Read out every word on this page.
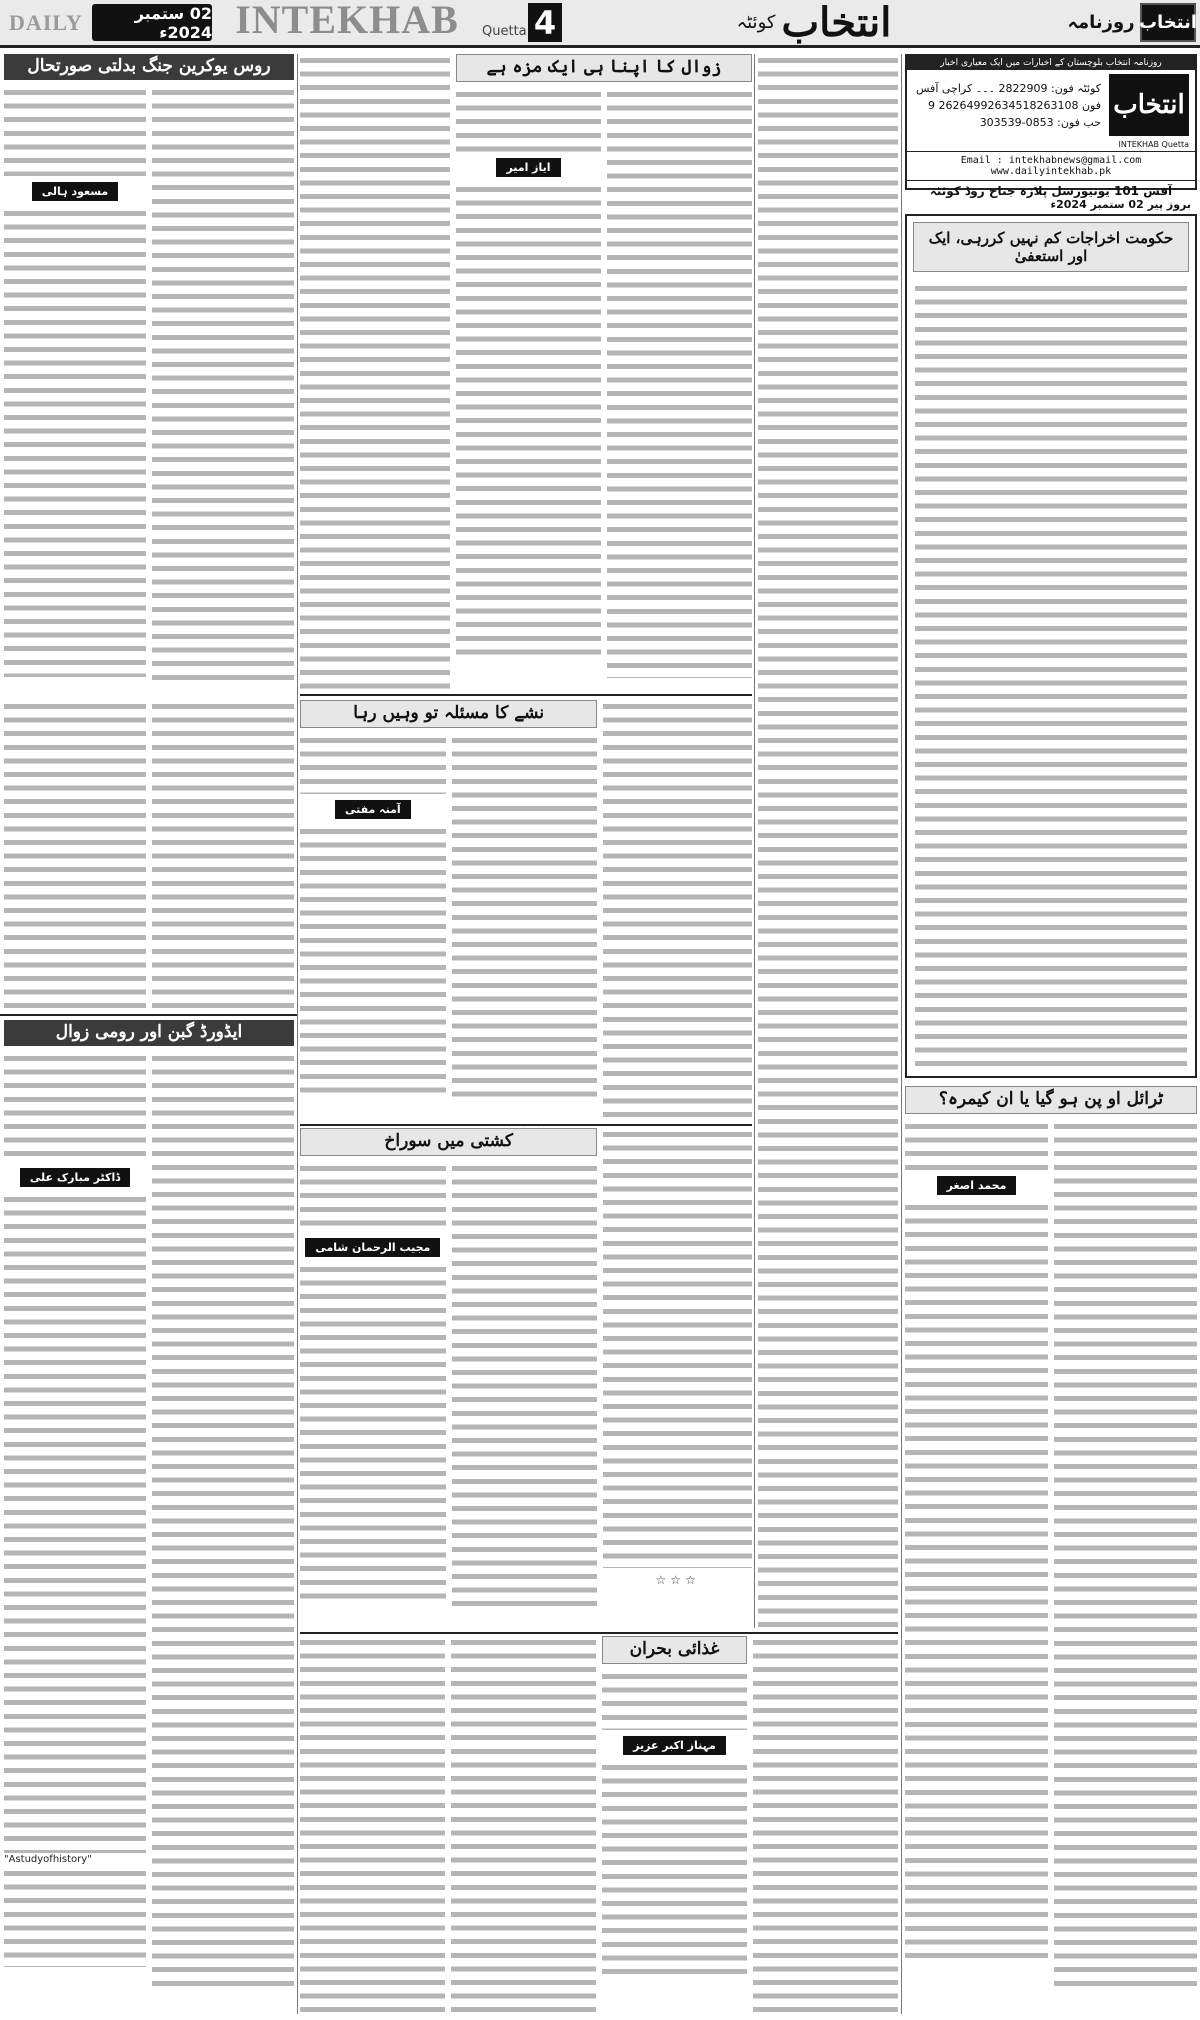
DAILY	02 ستمبر 2024ء INTEKHAB	Quetta 4	انتخاب
کوئٹہ	روزنامہ انتخاب
روس یوکرین جنگ بدلتی صورتحال
مسعود ہالی
ایڈورڈ گبن اور رومی زوال
ڈاکٹر مبارک علی
"Astudyofhistory"
زوال کا اپنا ہی ایک مزہ ہے
ایاز امیر
نشے کا مسئلہ تو وہیں رہا
آمنہ مفتی
☆☆☆
کشتی میں سوراخ
مجیب الرحمان شامی
غذائی بحران
مہناز اکبر عزیز
روزنامہ انتخاب بلوچستان کے اخبارات میں ایک معیاری اخبار
انتخاب
کوئٹہ فون: 2822909 ۔۔۔ کراچی آفس
فون 26264992634518263108 9
حب فون: 0853-303539
INTEKHAB Quetta
Email : intekhabnews@gmail.com www.dailyintekhab.pk
آفس 101 یونیورسل پلازہ جناح روڈ کوئٹہ
بروز پیر 02 ستمبر 2024ء
حکومت اخراجات کم نہیں کررہی، ایک اور استعفیٰ
ٹرائل او پن ہو گیا یا ان کیمرہ؟
محمد اصغر
